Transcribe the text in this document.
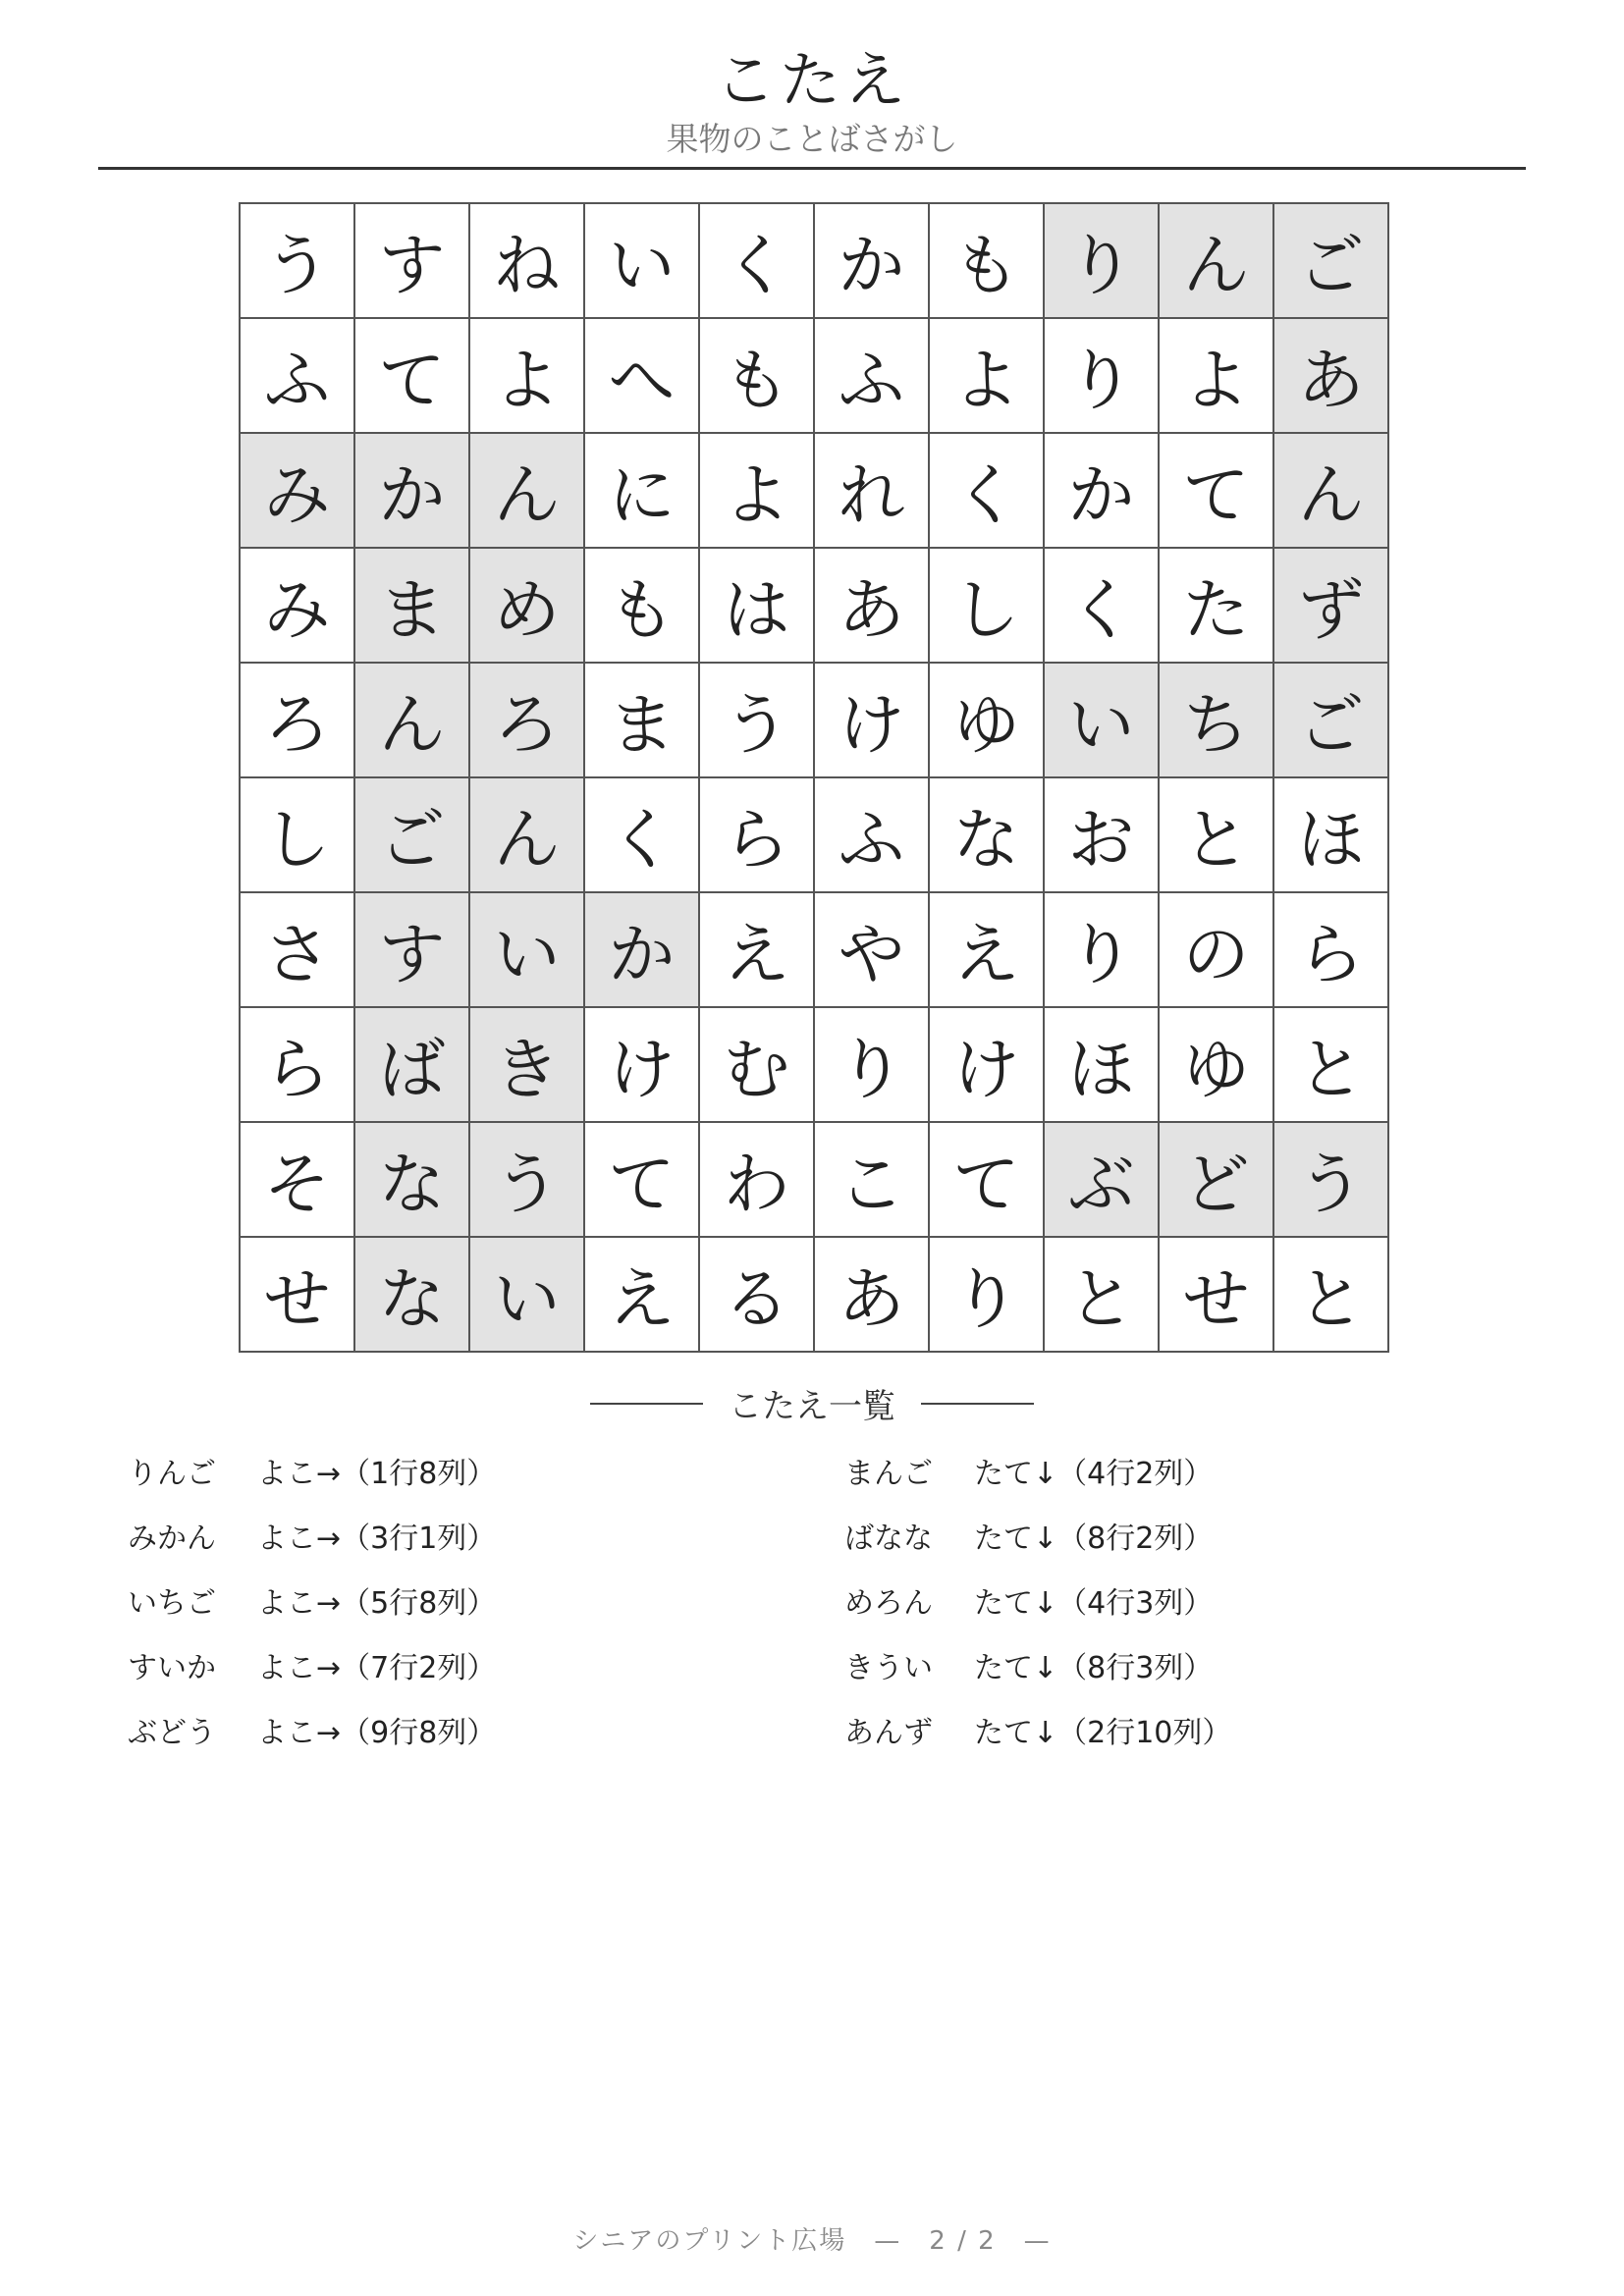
こたえ
果物のことばさがし
う す ね い く か も り ん ご
ふ て よ へ も ふ よ り よ あ
み か ん に よ れ く か て ん
み ま め も は あ し く た ず
ろ ん ろ ま う け ゆ い ち ご
し ご ん く ら ふ な お と ほ
さ す い か え や え り の ら
ら ば き け む り け ほ ゆ と
そ な う て わ こ て ぶ ど う
せ な い え る あ り と せ と
こたえ一覧
りんご よこ→（1行8列）
みかん よこ→（3行1列）
いちご よこ→（5行8列）
すいか よこ→（7行2列）
ぶどう よこ→（9行8列）
まんご たて↓（4行2列）
ばなな たて↓（8行2列）
めろん たて↓（4行3列）
きうい たて↓（8行3列）
あんず たて↓（2行10列）
シニアのプリント広場　—　2 / 2　—
